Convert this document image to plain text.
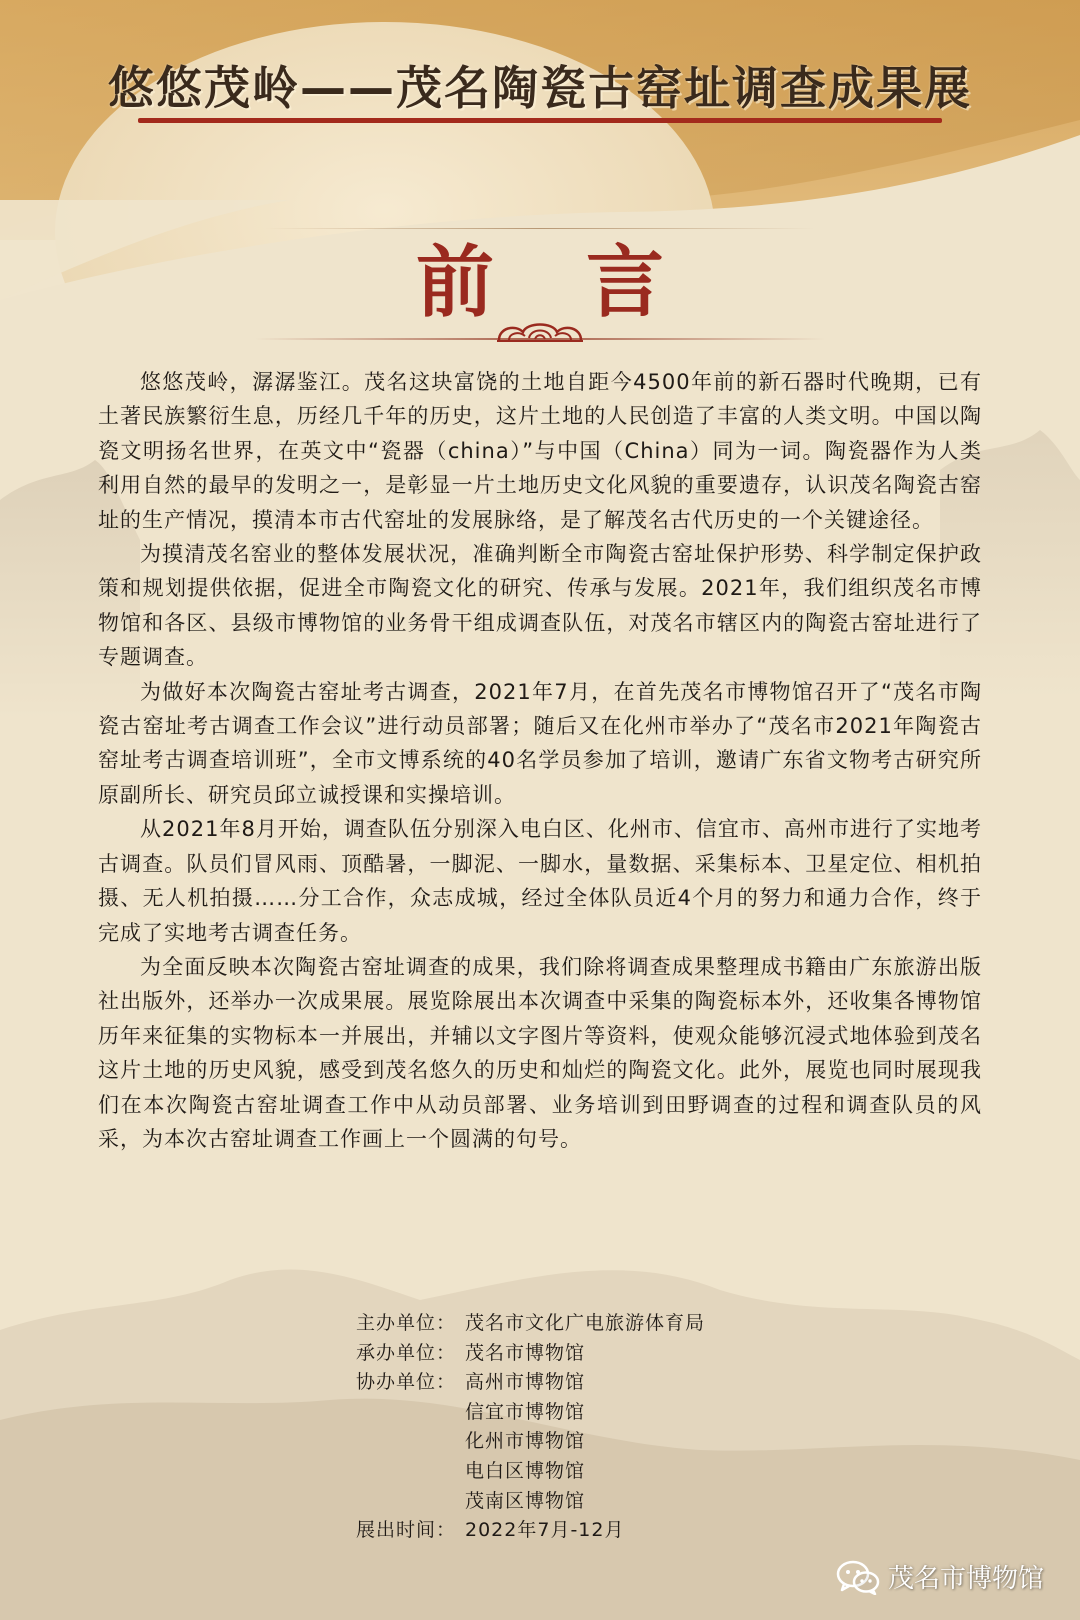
悠悠茂岭——茂名陶瓷古窑址调查成果展
前言

悠悠茂岭，潺潺鉴江。茂名这块富饶的土地自距今4500年前的新石器时代晚期，已有土著民族繁衍生息，历经几千年的历史，这片土地的人民创造了丰富的人类文明。中国以陶瓷文明扬名世界，在英文中“瓷器（china）”与中国（China）同为一词。陶瓷器作为人类利用自然的最早的发明之一，是彰显一片土地历史文化风貌的重要遗存，认识茂名陶瓷古窑址的生产情况，摸清本市古代窑址的发展脉络，是了解茂名古代历史的一个关键途径。

为摸清茂名窑业的整体发展状况，准确判断全市陶瓷古窑址保护形势、科学制定保护政策和规划提供依据，促进全市陶瓷文化的研究、传承与发展。2021年，我们组织茂名市博物馆和各区、县级市博物馆的业务骨干组成调查队伍，对茂名市辖区内的陶瓷古窑址进行了专题调查。

为做好本次陶瓷古窑址考古调查，2021年7月，在首先茂名市博物馆召开了“茂名市陶瓷古窑址考古调查工作会议”进行动员部署；随后又在化州市举办了“茂名市2021年陶瓷古窑址考古调查培训班”，全市文博系统的40名学员参加了培训，邀请广东省文物考古研究所原副所长、研究员邱立诚授课和实操培训。

从2021年8月开始，调查队伍分别深入电白区、化州市、信宜市、高州市进行了实地考古调查。队员们冒风雨、顶酷暑，一脚泥、一脚水，量数据、采集标本、卫星定位、相机拍摄、无人机拍摄……分工合作，众志成城，经过全体队员近4个月的努力和通力合作，终于完成了实地考古调查任务。

为全面反映本次陶瓷古窑址调查的成果，我们除将调查成果整理成书籍由广东旅游出版社出版外，还举办一次成果展。展览除展出本次调查中采集的陶瓷标本外，还收集各博物馆历年来征集的实物标本一并展出，并辅以文字图片等资料，使观众能够沉浸式地体验到茂名这片土地的历史风貌，感受到茂名悠久的历史和灿烂的陶瓷文化。此外，展览也同时展现我们在本次陶瓷古窑址调查工作中从动员部署、业务培训到田野调查的过程和调查队员的风采，为本次古窑址调查工作画上一个圆满的句号。

主办单位： 茂名市文化广电旅游体育局
承办单位： 茂名市博物馆
协办单位： 高州市博物馆
信宜市博物馆
化州市博物馆
电白区博物馆
茂南区博物馆
展出时间： 2022年7月-12月
茂名市博物馆
